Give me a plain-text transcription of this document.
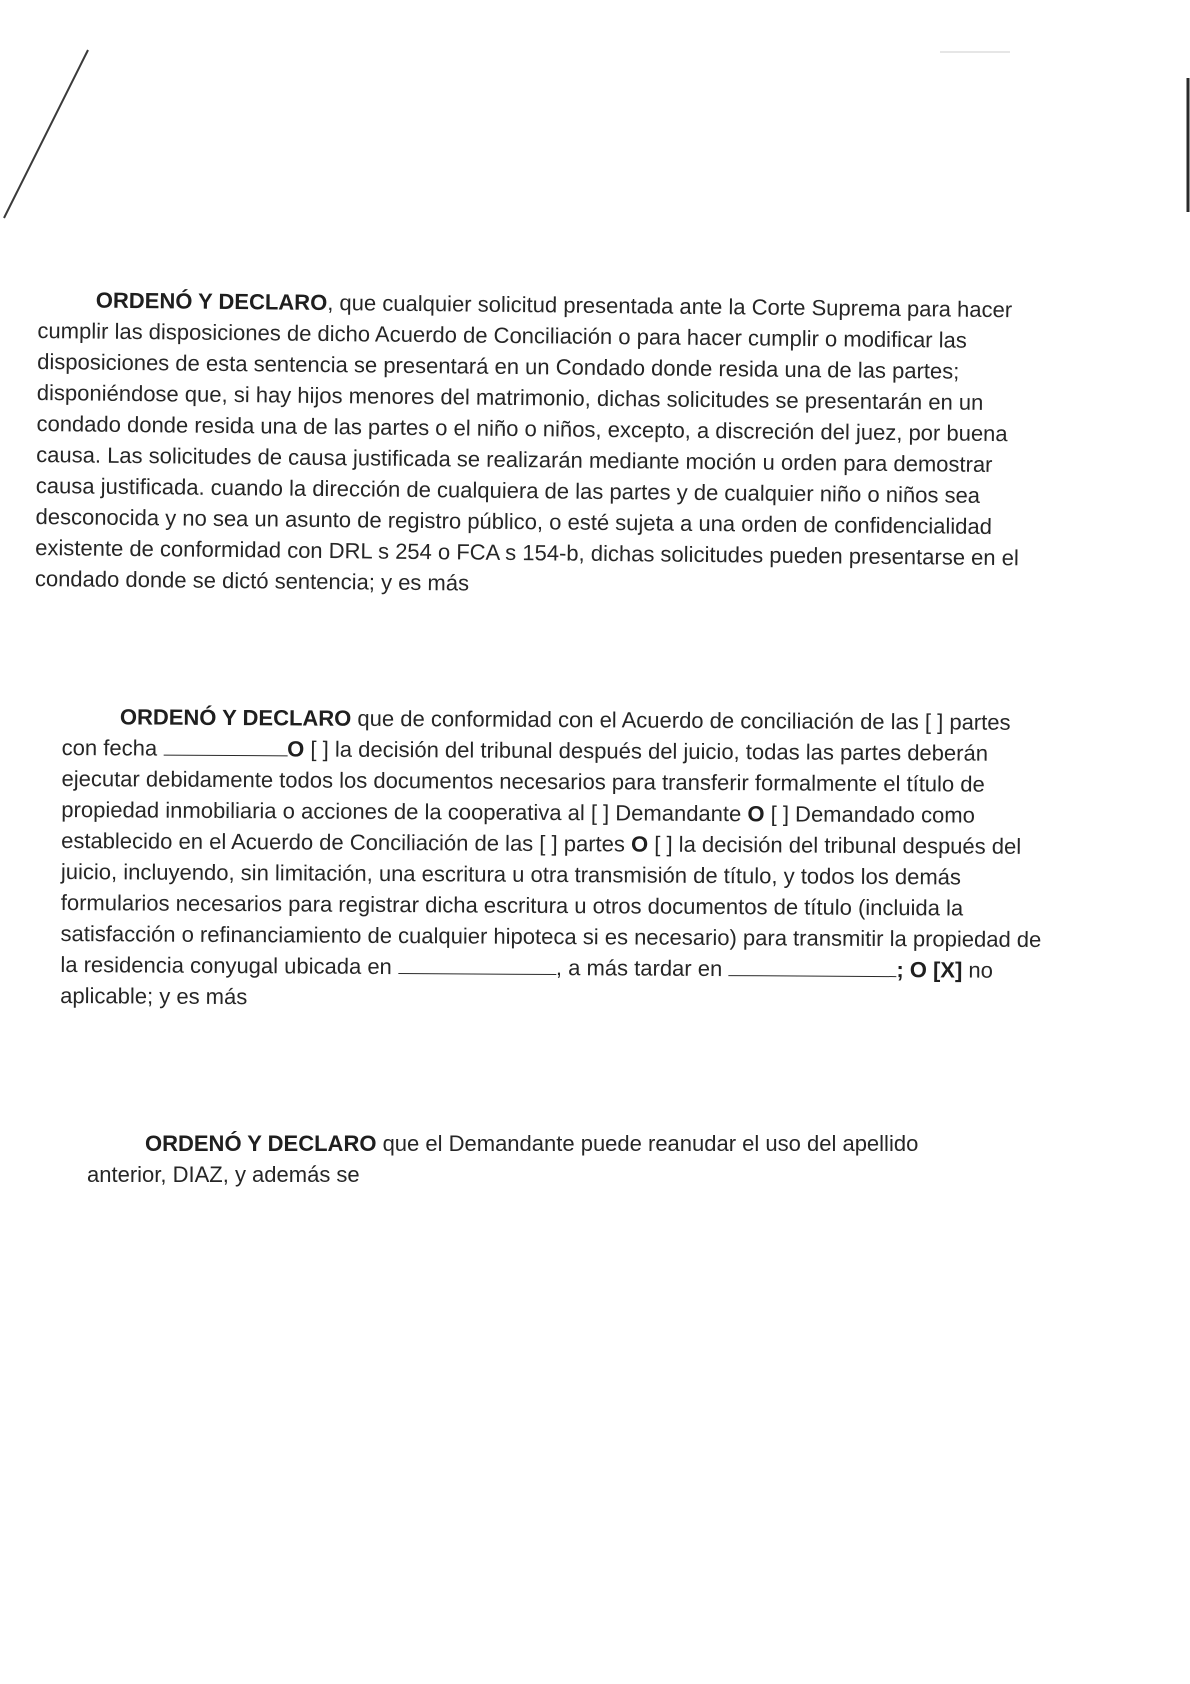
ORDENÓ Y DECLARO, que cualquier solicitud presentada ante la Corte Suprema para hacer cumplir las disposiciones de dicho Acuerdo de Conciliación o para hacer cumplir o modificar las disposiciones de esta sentencia se presentará en un Condado donde resida una de las partes; disponiéndose que, si hay hijos menores del matrimonio, dichas solicitudes se presentarán en un condado donde resida una de las partes o el niño o niños, excepto, a discreción del juez, por buena causa. Las solicitudes de causa justificada se realizarán mediante moción u orden para demostrar causa justificada. cuando la dirección de cualquiera de las partes y de cualquier niño o niños sea desconocida y no sea un asunto de registro público, o esté sujeta a una orden de confidencialidad existente de conformidad con DRL s 254 o FCA s 154-b, dichas solicitudes pueden presentarse en el condado donde se dictó sentencia; y es más

ORDENÓ Y DECLARO que de conformidad con el Acuerdo de conciliación de las [ ] partes con fecha	O [ ] la decisión del tribunal después del juicio, todas las partes deberán ejecutar debidamente todos los documentos necesarios para transferir formalmente el título de propiedad inmobiliaria o acciones de la cooperativa al [ ] Demandante O [ ] Demandado como establecido en el Acuerdo de Conciliación de las [ ] partes O [ ] la decisión del tribunal después del juicio, incluyendo, sin limitación, una escritura u otra transmisión de título, y todos los demás formularios necesarios para registrar dicha escritura u otros documentos de título (incluida la satisfacción o refinanciamiento de cualquier hipoteca si es necesario) para transmitir la propiedad de la residencia conyugal ubicada en	, a más tardar en	; O [X] no aplicable; y es más

ORDENÓ Y DECLARO que el Demandante puede reanudar el uso del apellido anterior, DIAZ, y además se
